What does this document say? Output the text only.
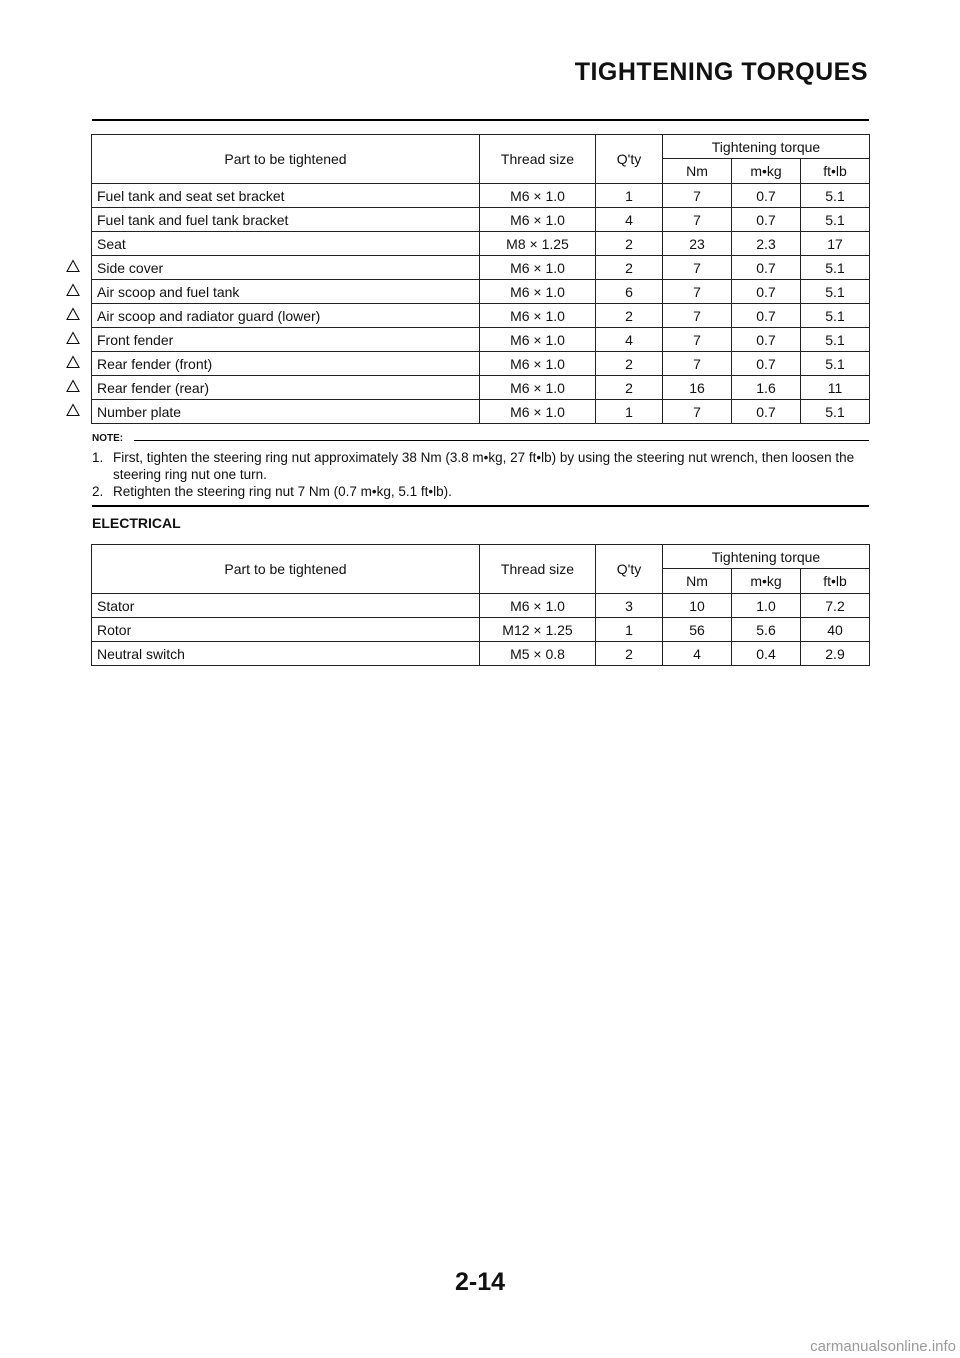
TIGHTENING TORQUES
Part to be tightened	Thread size	Q'ty	Tightening torque		
			Nm	m•kg	ft•lb
Fuel tank and seat set bracket	M6 × 1.0	1	7	0.7	5.1
Fuel tank and fuel tank bracket	M6 × 1.0	4	7	0.7	5.1
Seat	M8 × 1.25	2	23	2.3	17
Side cover	M6 × 1.0	2	7	0.7	5.1
Air scoop and fuel tank	M6 × 1.0	6	7	0.7	5.1
Air scoop and radiator guard (lower)	M6 × 1.0	2	7	0.7	5.1
Front fender	M6 × 1.0	4	7	0.7	5.1
Rear fender (front)	M6 × 1.0	2	7	0.7	5.1
Rear fender (rear)	M6 × 1.0	2	16	1.6	11
Number plate	M6 × 1.0	1	7	0.7	5.1
NOTE:
1. First, tighten the steering ring nut approximately 38 Nm (3.8 m•kg, 27 ft•lb) by using the steering nut wrench, then loosen the steering ring nut one turn.
2. Retighten the steering ring nut 7 Nm (0.7 m•kg, 5.1 ft•lb).
ELECTRICAL
Part to be tightened	Thread size	Q'ty	Tightening torque		
			Nm	m•kg	ft•lb
Stator	M6 × 1.0	3	10	1.0	7.2
Rotor	M12 × 1.25	1	56	5.6	40
Neutral switch	M5 × 0.8	2	4	0.4	2.9
2-14
carmanualsonline.info
